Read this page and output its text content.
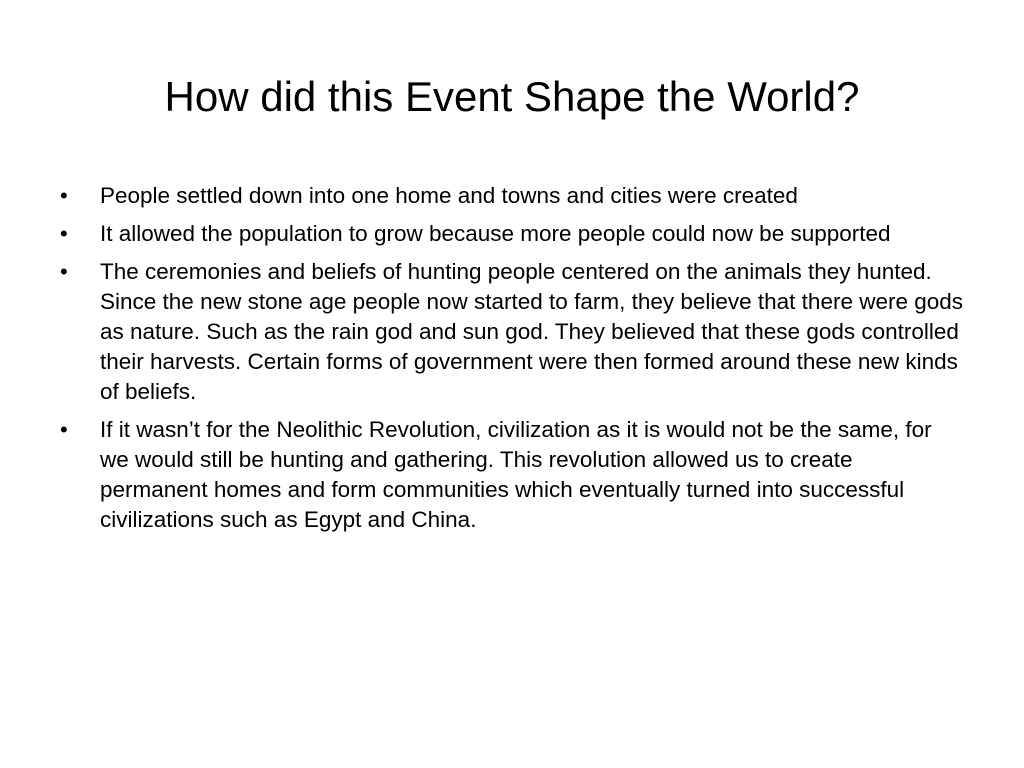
How did this Event Shape the World?
•	People settled down into one home and towns and cities were created
•	It allowed the population to grow because more people could now be supported
•	The ceremonies and beliefs of hunting people centered on the animals they hunted. Since the new stone age people now started to farm, they believe that there were gods as nature. Such as the rain god and sun god. They believed that these gods controlled their harvests. Certain forms of government were then formed around these new kinds of beliefs.
•	If it wasn’t for the Neolithic Revolution, civilization as it is would not be the same, for we would still be hunting and gathering. This revolution allowed us to create permanent homes and form communities which eventually turned into successful civilizations such as Egypt and China.
